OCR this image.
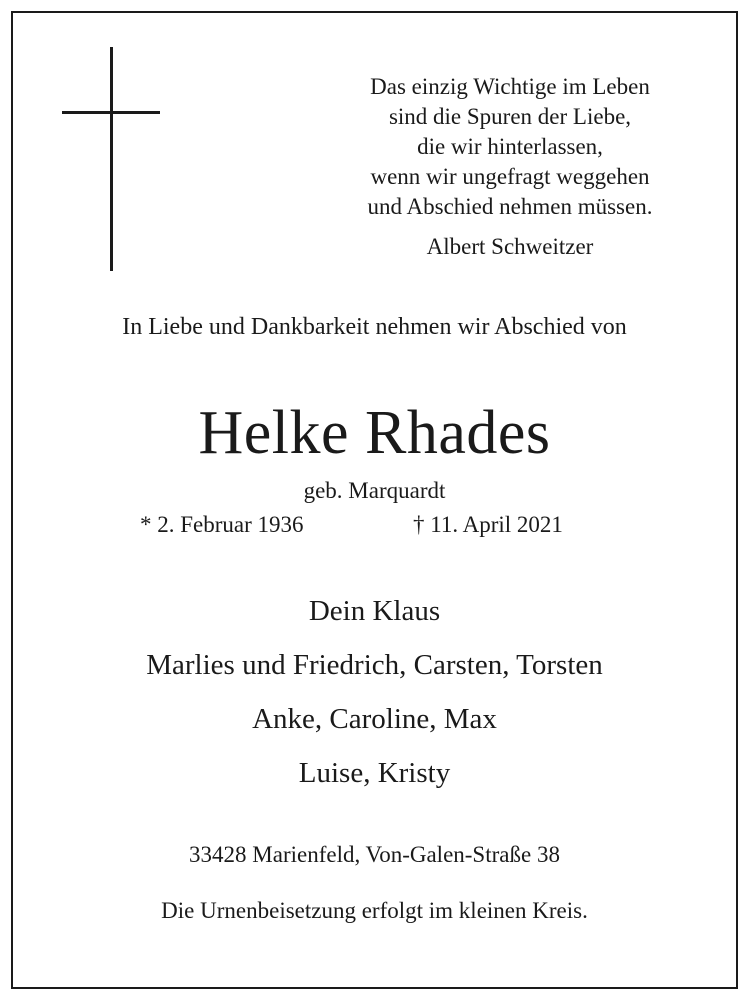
Das einzig Wichtige im Leben
sind die Spuren der Liebe,
die wir hinterlassen,
wenn wir ungefragt weggehen
und Abschied nehmen müssen.
Albert Schweitzer
In Liebe und Dankbarkeit nehmen wir Abschied von
Helke Rhades
geb. Marquardt
* 2. Februar 1936	† 11. April 2021
Dein Klaus
Marlies und Friedrich, Carsten, Torsten
Anke, Caroline, Max
Luise, Kristy
33428 Marienfeld, Von-Galen-Straße 38
Die Urnenbeisetzung erfolgt im kleinen Kreis.
